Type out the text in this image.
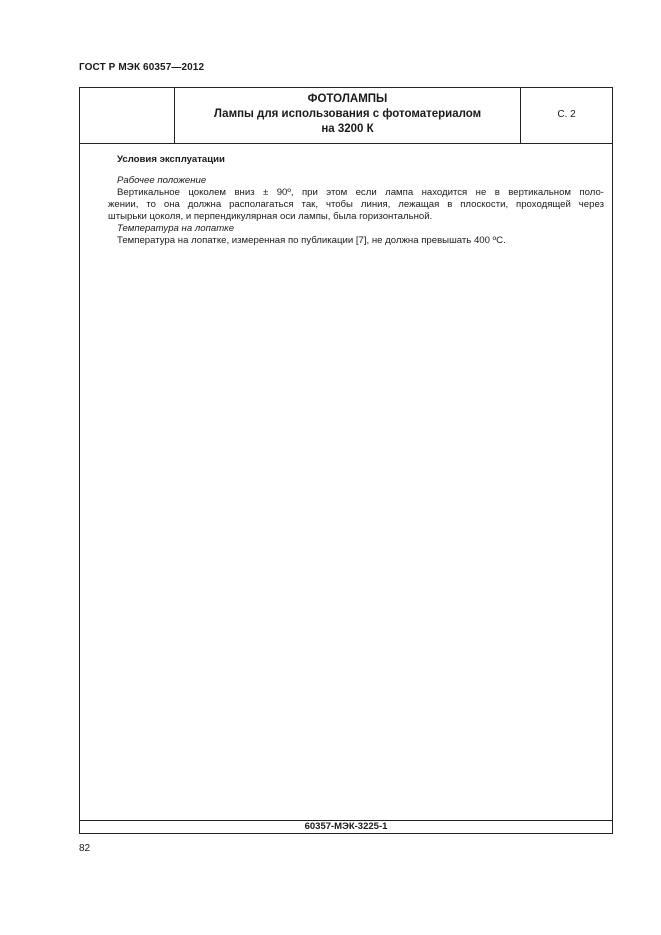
ГОСТ Р МЭК 60357—2012
ФОТОЛАМПЫ
Лампы для использования с фотоматериалом
на 3200 К
С. 2
Условия эксплуатации
Рабочее положение
Вертикальное цоколем вниз ± 90º, при этом если лампа находится не в вертикальном поло-
жении, то она должна располагаться так, чтобы линия, лежащая в плоскости, проходящей через
штырьки цоколя, и перпендикулярная оси лампы, была горизонтальной.
Температура на лопатке
Температура на лопатке, измеренная по публикации [7], не должна превышать 400 ºС.
60357-МЭК-3225-1
82
